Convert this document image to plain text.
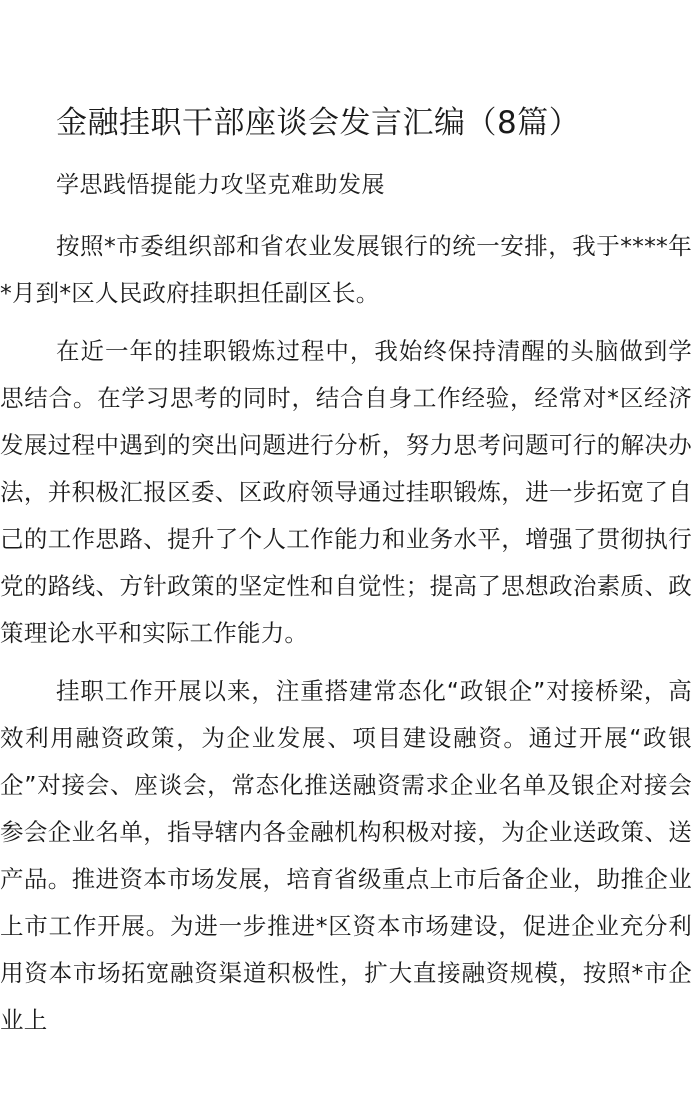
金融挂职干部座谈会发言汇编（8篇）
学思践悟提能力攻坚克难助发展

按照*市委组织部和省农业发展银行的统一安排，我于****年*月到*区人民政府挂职担任副区长。

在近一年的挂职锻炼过程中，我始终保持清醒的头脑做到学思结合。在学习思考的同时，结合自身工作经验，经常对*区经济发展过程中遇到的突出问题进行分析，努力思考问题可行的解决办法，并积极汇报区委、区政府领导通过挂职锻炼，进一步拓宽了自己的工作思路、提升了个人工作能力和业务水平，增强了贯彻执行党的路线、方针政策的坚定性和自觉性；提高了思想政治素质、政策理论水平和实际工作能力。

挂职工作开展以来，注重搭建常态化“政银企”对接桥梁，高效利用融资政策，为企业发展、项目建设融资。通过开展“政银企”对接会、座谈会，常态化推送融资需求企业名单及银企对接会参会企业名单，指导辖内各金融机构积极对接，为企业送政策、送产品。推进资本市场发展，培育省级重点上市后备企业，助推企业上市工作开展。为进一步推进*区资本市场建设，促进企业充分利用资本市场拓宽融资渠道积极性，扩大直接融资规模，按照*市企业上
